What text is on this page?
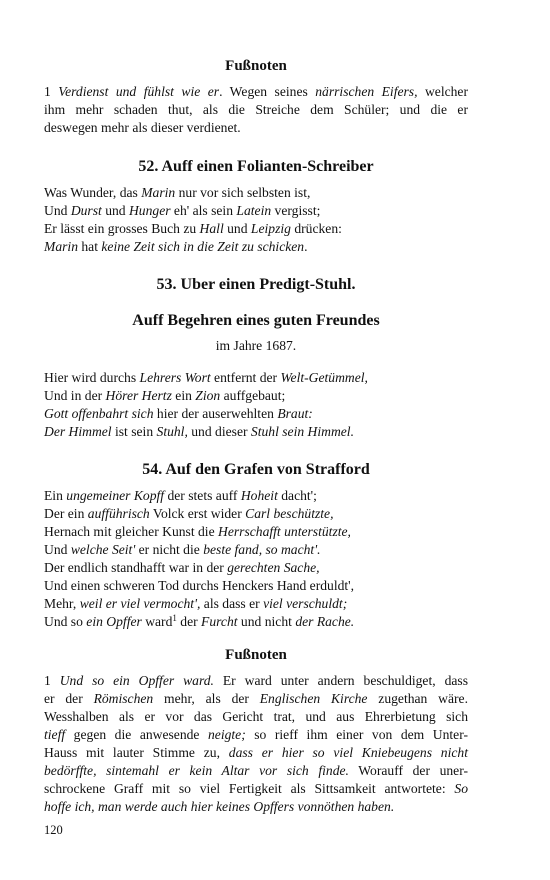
Fußnoten
1 Verdienst und fühlst wie er. Wegen seines närrischen Eifers, welcher
ihm mehr schaden thut, als die Streiche dem Schüler; und die er
deswegen mehr als dieser verdienet.
52. Auff einen Folianten-Schreiber
Was Wunder, das Marin nur vor sich selbsten ist,
Und Durst und Hunger eh' als sein Latein vergisst;
Er lässt ein grosses Buch zu Hall und Leipzig drücken:
Marin hat keine Zeit sich in die Zeit zu schicken.
53. Uber einen Predigt-Stuhl.
Auff Begehren eines guten Freundes
im Jahre 1687.
Hier wird durchs Lehrers Wort entfernt der Welt-Getümmel,
Und in der Hörer Hertz ein Zion auffgebaut;
Gott offenbahrt sich hier der auserwehlten Braut:
Der Himmel ist sein Stuhl, und dieser Stuhl sein Himmel.
54. Auf den Grafen von Strafford
Ein ungemeiner Kopff der stets auff Hoheit dacht';
Der ein aufführisch Volck erst wider Carl beschützte,
Hernach mit gleicher Kunst die Herrschafft unterstützte,
Und welche Seit' er nicht die beste fand, so macht'.
Der endlich standhafft war in der gerechten Sache,
Und einen schweren Tod durchs Henckers Hand erduldt',
Mehr, weil er viel vermocht', als dass er viel verschuldt;
Und so ein Opffer ward$^1$ der Furcht und nicht der Rache.
Fußnoten
1 Und so ein Opffer ward. Er ward unter andern beschuldiget, dass
er der Römischen mehr, als der Englischen Kirche zugethan wäre.
Wesshalben als er vor das Gericht trat, und aus Ehrerbietung sich
tieff gegen die anwesende neigte; so rieff ihm einer von dem Unter-
Hauss mit lauter Stimme zu, dass er hier so viel Kniebeugens nicht
bedörffte, sintemahl er kein Altar vor sich finde. Worauff der uner-
schrockene Graff mit so viel Fertigkeit als Sittsamkeit antwortete: So
hoffe ich, man werde auch hier keines Opffers vonnöthen haben.
120
